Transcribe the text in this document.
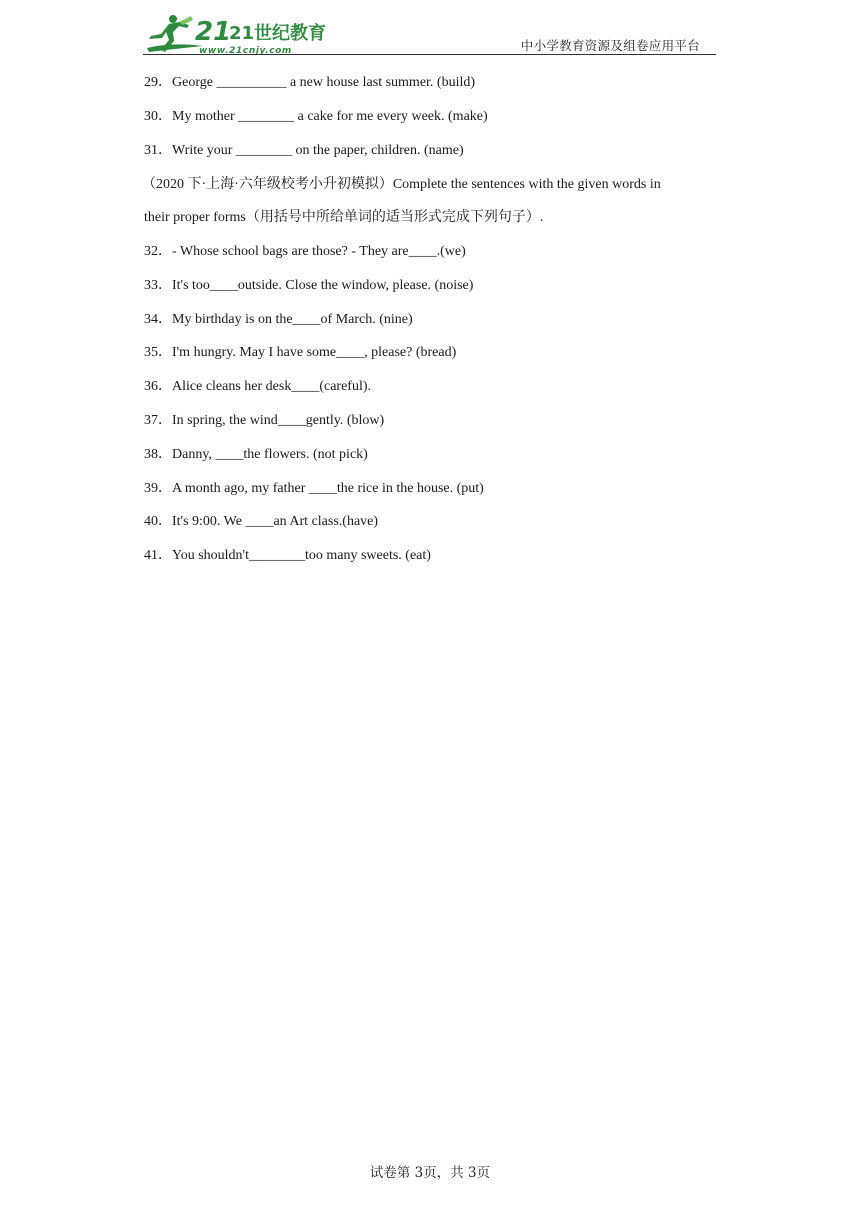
21
21世纪教育
www.21cnjy.com	中小学教育资源及组卷应用平台
29．George __________ a new house last summer. (build)
30．My mother ________ a cake for me every week. (make)
31．Write your ________ on the paper, children. (name)
（2020 下·上海·六年级校考小升初模拟）Complete the sentences with the given words in
their proper forms（用括号中所给单词的适当形式完成下列句子）.
32．- Whose school bags are those? - They are____.(we)
33．It's too____outside. Close the window, please. (noise)
34．My birthday is on the____of March. (nine)
35．I'm hungry. May I have some____, please? (bread)
36．Alice cleans her desk____(careful).
37．In spring, the wind____gently. (blow)
38．Danny, ____the flowers. (not pick)
39．A month ago, my father ____the rice in the house. (put)
40．It's 9:00. We ____an Art class.(have)
41．You shouldn't________too many sweets. (eat)
试卷第 3页，共 3页
